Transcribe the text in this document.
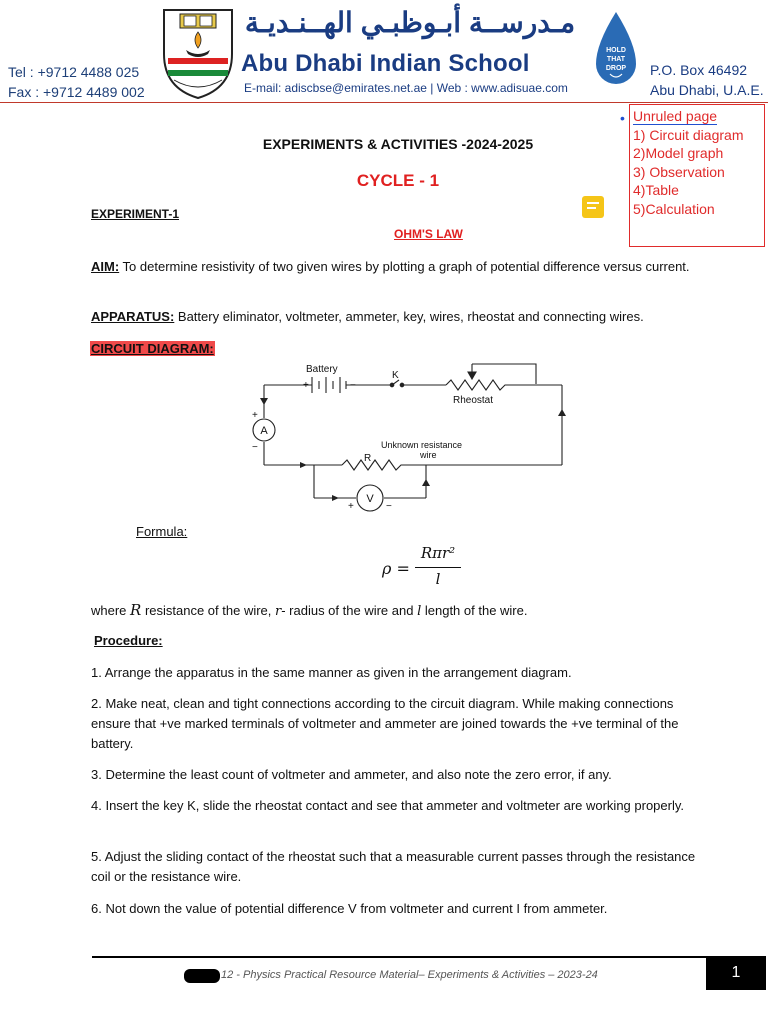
Tel : +9712 4488 025
Fax : +9712 4489 002
مـدرســة أبـوظبـي الهــنـديـة
Abu Dhabi Indian School
E-mail: adiscbse@emirates.net.ae | Web : www.adisuae.com
HOLD
THAT
DROP P.O. Box 46492
Abu Dhabi, U.A.E.
• Unruled page
1) Circuit diagram
2)Model graph
3) Observation
4)Table
5)Calculation
EXPERIMENTS & ACTIVITIES -2024-2025
CYCLE - 1
EXPERIMENT-1
OHM'S LAW
AIM: To determine resistivity of two given wires by plotting a graph of potential difference versus current.
APPARATUS: Battery eliminator, voltmeter, ammeter, key, wires, rheostat and connecting wires.
CIRCUIT DIAGRAM:
Battery
+	−
K
Rheostat
A
+
−
V
+	−
R
Unknown resistance
wire
Formula:
ρ =
Rπr²
l
where R resistance of the wire, r- radius of the wire and l length of the wire.
Procedure:
1. Arrange the apparatus in the same manner as given in the arrangement diagram.
2. Make neat, clean and tight connections according to the circuit diagram. While making connections ensure that +ve marked terminals of voltmeter and ammeter are joined towards the +ve terminal of the battery.
3. Determine the least count of voltmeter and ammeter, and also note the zero error, if any.
4. Insert the key K, slide the rheostat contact and see that ammeter and voltmeter are working properly.
5. Adjust the sliding contact of the rheostat such that a measurable current passes through the resistance coil or the resistance wire.
6. Not down the value of potential difference V from voltmeter and current I from ammeter.
12 - Physics Practical Resource Material– Experiments & Activities – 2023-24	1
